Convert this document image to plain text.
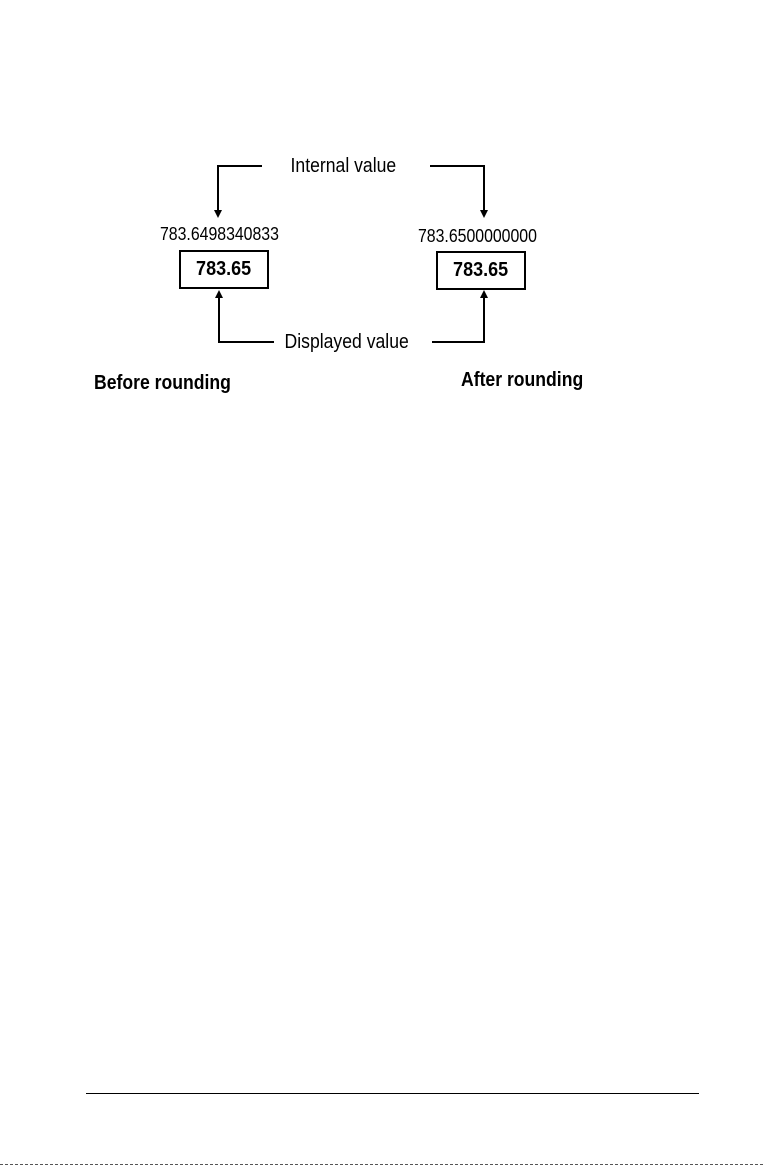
Internal value
783.6498340833	783.6500000000
783.65	783.65
Displayed value
Before rounding	After rounding
